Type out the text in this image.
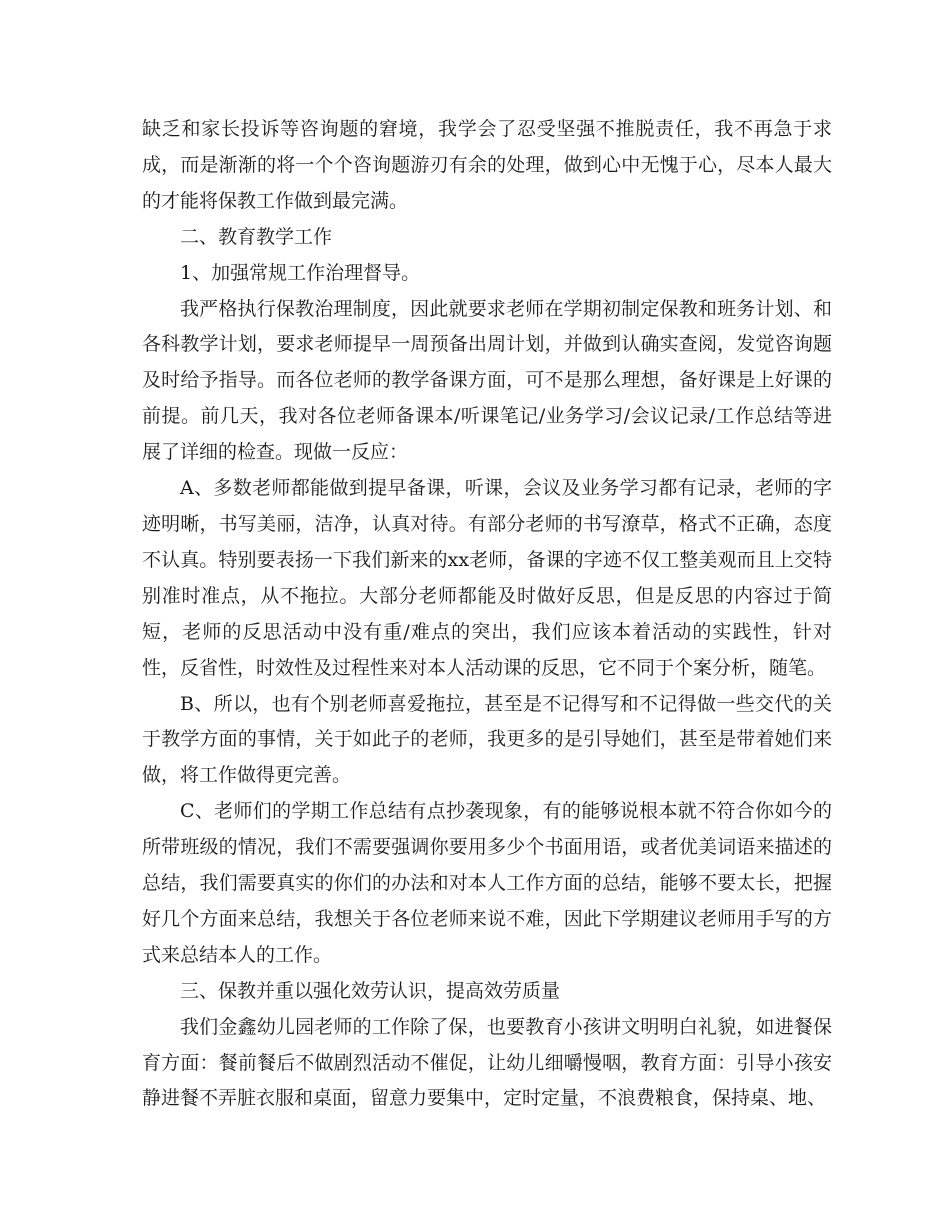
缺乏和家长投诉等咨询题的窘境，我学会了忍受坚强不推脱责任，我不再急于求成，而是渐渐的将一个个咨询题游刃有余的处理，做到心中无愧于心，尽本人最大的才能将保教工作做到最完满。

二、教育教学工作

1、加强常规工作治理督导。

我严格执行保教治理制度，因此就要求老师在学期初制定保教和班务计划、和各科教学计划，要求老师提早一周预备出周计划，并做到认确实查阅，发觉咨询题及时给予指导。而各位老师的教学备课方面，可不是那么理想，备好课是上好课的前提。前几天，我对各位老师备课本/听课笔记/业务学习/会议记录/工作总结等进展了详细的检查。现做一反应：

A、多数老师都能做到提早备课，听课，会议及业务学习都有记录，老师的字迹明晰，书写美丽，洁净，认真对待。有部分老师的书写潦草，格式不正确，态度不认真。特别要表扬一下我们新来的xx老师，备课的字迹不仅工整美观而且上交特别准时准点，从不拖拉。大部分老师都能及时做好反思，但是反思的内容过于简短，老师的反思活动中没有重/难点的突出，我们应该本着活动的实践性，针对性，反省性，时效性及过程性来对本人活动课的反思，它不同于个案分析，随笔。

B、所以，也有个别老师喜爱拖拉，甚至是不记得写和不记得做一些交代的关于教学方面的事情，关于如此子的老师，我更多的是引导她们，甚至是带着她们来做，将工作做得更完善。

C、老师们的学期工作总结有点抄袭现象，有的能够说根本就不符合你如今的所带班级的情况，我们不需要强调你要用多少个书面用语，或者优美词语来描述的总结，我们需要真实的你们的办法和对本人工作方面的总结，能够不要太长，把握好几个方面来总结，我想关于各位老师来说不难，因此下学期建议老师用手写的方式来总结本人的工作。

三、保教并重以强化效劳认识，提高效劳质量

我们金鑫幼儿园老师的工作除了保，也要教育小孩讲文明明白礼貌，如进餐保育方面：餐前餐后不做剧烈活动不催促，让幼儿细嚼慢咽，教育方面：引导小孩安静进餐不弄脏衣服和桌面，留意力要集中，定时定量，不浪费粮食，保持桌、地、
